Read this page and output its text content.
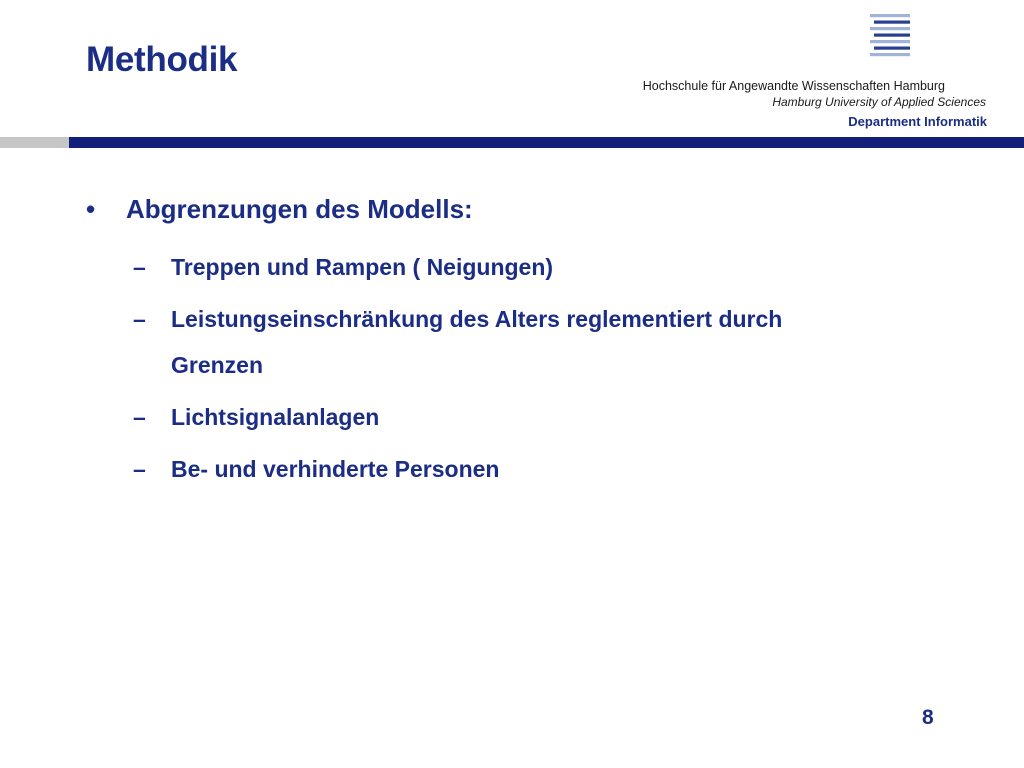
Methodik
Hochschule für Angewandte Wissenschaften Hamburg
Hamburg University of Applied Sciences
Department Informatik
• Abgrenzungen des Modells:
– Treppen und Rampen ( Neigungen)
– Leistungseinschränkung des Alters reglementiert durch Grenzen
– Lichtsignalanlagen
– Be- und verhinderte Personen
8
